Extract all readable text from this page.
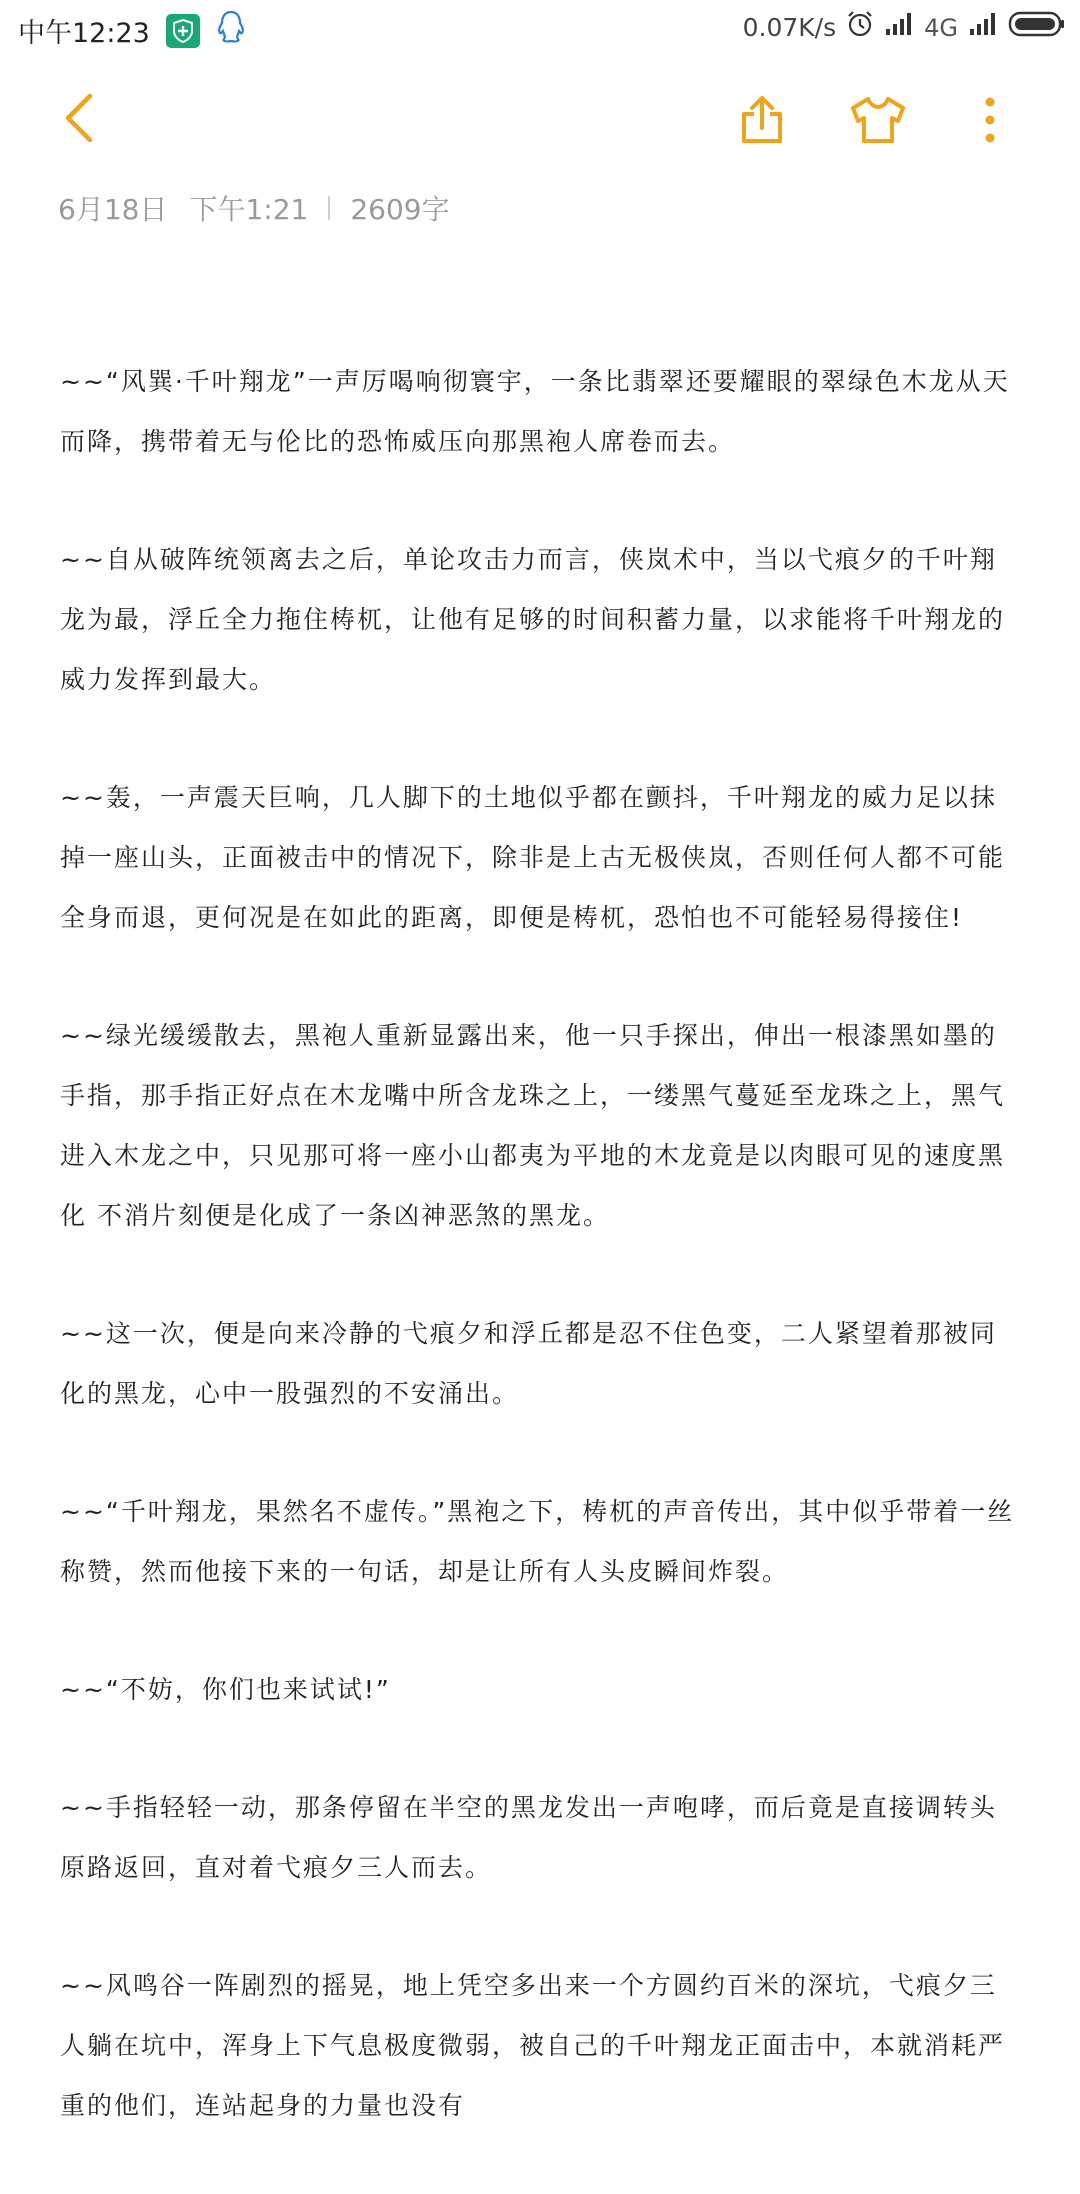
中午12:23	0.07K/s	4G
6月18日 下午1:21 2609字

~~“风巽·千叶翔龙”一声厉喝响彻寰宇，一条比翡翠还要耀眼的翠绿色木龙从天而降，携带着无与伦比的恐怖威压向那黑袍人席卷而去。

~~自从破阵统领离去之后，单论攻击力而言，侠岚术中，当以弋痕夕的千叶翔龙为最，浮丘全力拖住梼杌，让他有足够的时间积蓄力量，以求能将千叶翔龙的威力发挥到最大。

~~轰，一声震天巨响，几人脚下的土地似乎都在颤抖，千叶翔龙的威力足以抹掉一座山头，正面被击中的情况下，除非是上古无极侠岚，否则任何人都不可能全身而退，更何况是在如此的距离，即便是梼杌，恐怕也不可能轻易得接住!

~~绿光缓缓散去，黑袍人重新显露出来，他一只手探出，伸出一根漆黑如墨的手指，那手指正好点在木龙嘴中所含龙珠之上，一缕黑气蔓延至龙珠之上，黑气进入木龙之中，只见那可将一座小山都夷为平地的木龙竟是以肉眼可见的速度黑化 不消片刻便是化成了一条凶神恶煞的黑龙。

~~这一次，便是向来冷静的弋痕夕和浮丘都是忍不住色变，二人紧望着那被同化的黑龙，心中一股强烈的不安涌出。

~~“千叶翔龙，果然名不虚传。”黑袍之下，梼杌的声音传出，其中似乎带着一丝称赞，然而他接下来的一句话，却是让所有人头皮瞬间炸裂。

~~“不妨，你们也来试试!”

~~手指轻轻一动，那条停留在半空的黑龙发出一声咆哮，而后竟是直接调转头原路返回，直对着弋痕夕三人而去。

~~风鸣谷一阵剧烈的摇晃，地上凭空多出来一个方圆约百米的深坑，弋痕夕三人躺在坑中，浑身上下气息极度微弱，被自己的千叶翔龙正面击中，本就消耗严重的他们，连站起身的力量也没有
